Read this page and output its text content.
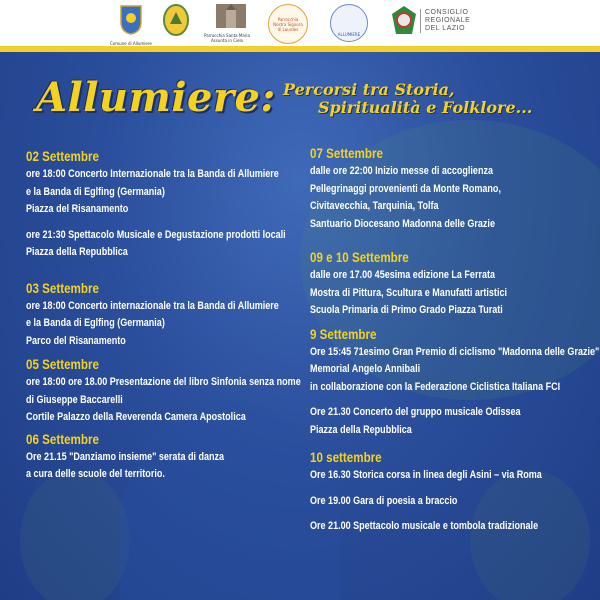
Comune di Allumiere
Parrocchia Santa Maria Assunta in Cielo
Parrocchia Nostra Signora di Lourdes
ALLUMIERE
CONSIGLIO
REGIONALE
DEL LAZIO
Allumiere: Percorsi tra Storia,
Spiritualità e Folklore...
02 Settembre
ore 18:00 Concerto Internazionale tra la Banda di Allumiere
e la Banda di Eglfing (Germania)
Piazza del Risanamento
ore 21:30 Spettacolo Musicale e Degustazione prodotti locali
Piazza della Repubblica
03 Settembre
ore 18:00 Concerto internazionale tra la Banda di Allumiere
e la Banda di Eglfing (Germania)
Parco del Risanamento
05 Settembre
ore 18:00 ore 18.00 Presentazione del libro Sinfonia senza nome
di Giuseppe Baccarelli
Cortile Palazzo della Reverenda Camera Apostolica
06 Settembre
Ore 21.15 "Danziamo insieme" serata di danza
a cura delle scuole del territorio.
07 Settembre
dalle ore 22:00 Inizio messe di accoglienza
Pellegrinaggi provenienti da Monte Romano,
Civitavecchia, Tarquinia, Tolfa
Santuario Diocesano Madonna delle Grazie
09 e 10 Settembre
dalle ore 17.00 45esima edizione La Ferrata
Mostra di Pittura, Scultura e Manufatti artistici
Scuola Primaria di Primo Grado Piazza Turati
9 Settembre
Ore 15:45 71esimo Gran Premio di ciclismo "Madonna delle Grazie"
Memorial Angelo Annibali
in collaborazione con la Federazione Ciclistica Italiana FCI
Ore 21.30 Concerto del gruppo musicale Odissea
Piazza della Repubblica
10 settembre
Ore 16.30 Storica corsa in linea degli Asini – via Roma
Ore 19.00 Gara di poesia a braccio
Ore 21.00 Spettacolo musicale e tombola tradizionale
